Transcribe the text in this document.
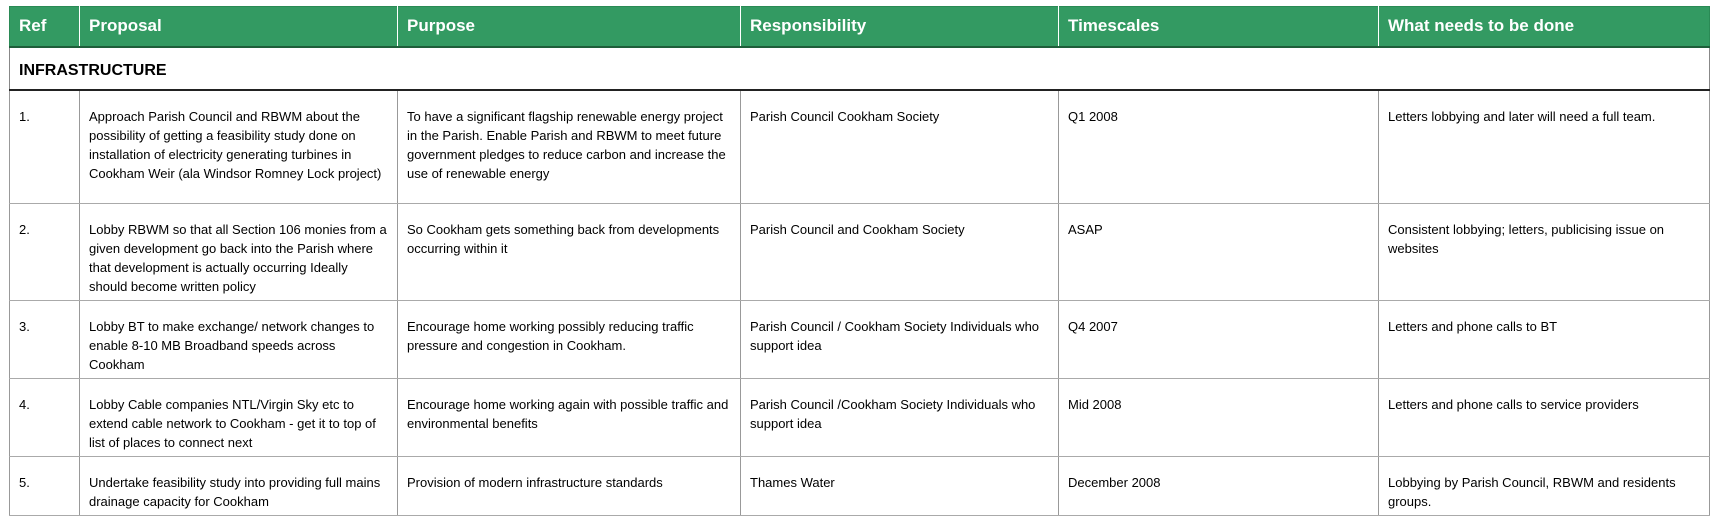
Ref	Proposal	Purpose	Responsibility	Timescales	What needs to be done
INFRASTRUCTURE					
1.	Approach Parish Council and RBWM about the possibility of getting a feasibility study done on installation of electricity generating turbines in Cookham Weir (ala Windsor Romney Lock project)	To have a significant flagship renewable energy project in the Parish. Enable Parish and RBWM to meet future government pledges to reduce carbon and increase the use of renewable energy	Parish Council Cookham Society	Q1 2008	Letters lobbying and later will need a full team.
2.	Lobby RBWM so that all Section 106 monies from a given development go back into the Parish where that development is actually occurring Ideally should become written policy	So Cookham gets something back from developments occurring within it	Parish Council and Cookham Society	ASAP	Consistent lobbying; letters, publicising issue on websites
3.	Lobby BT to make exchange/ network changes to enable 8-10 MB Broadband speeds across Cookham	Encourage home working possibly reducing traffic pressure and congestion in Cookham.	Parish Council / Cookham Society Individuals who support idea	Q4 2007	Letters and phone calls to BT
4.	Lobby Cable companies NTL/Virgin Sky etc to extend cable network to Cookham - get it to top of list of places to connect next	Encourage home working again with possible traffic and environmental benefits	Parish Council /Cookham Society Individuals who support idea	Mid 2008	Letters and phone calls to service providers
5.	Undertake feasibility study into providing full mains drainage capacity for Cookham	Provision of modern infrastructure standards	Thames Water	December 2008	Lobbying by Parish Council, RBWM and residents groups.
